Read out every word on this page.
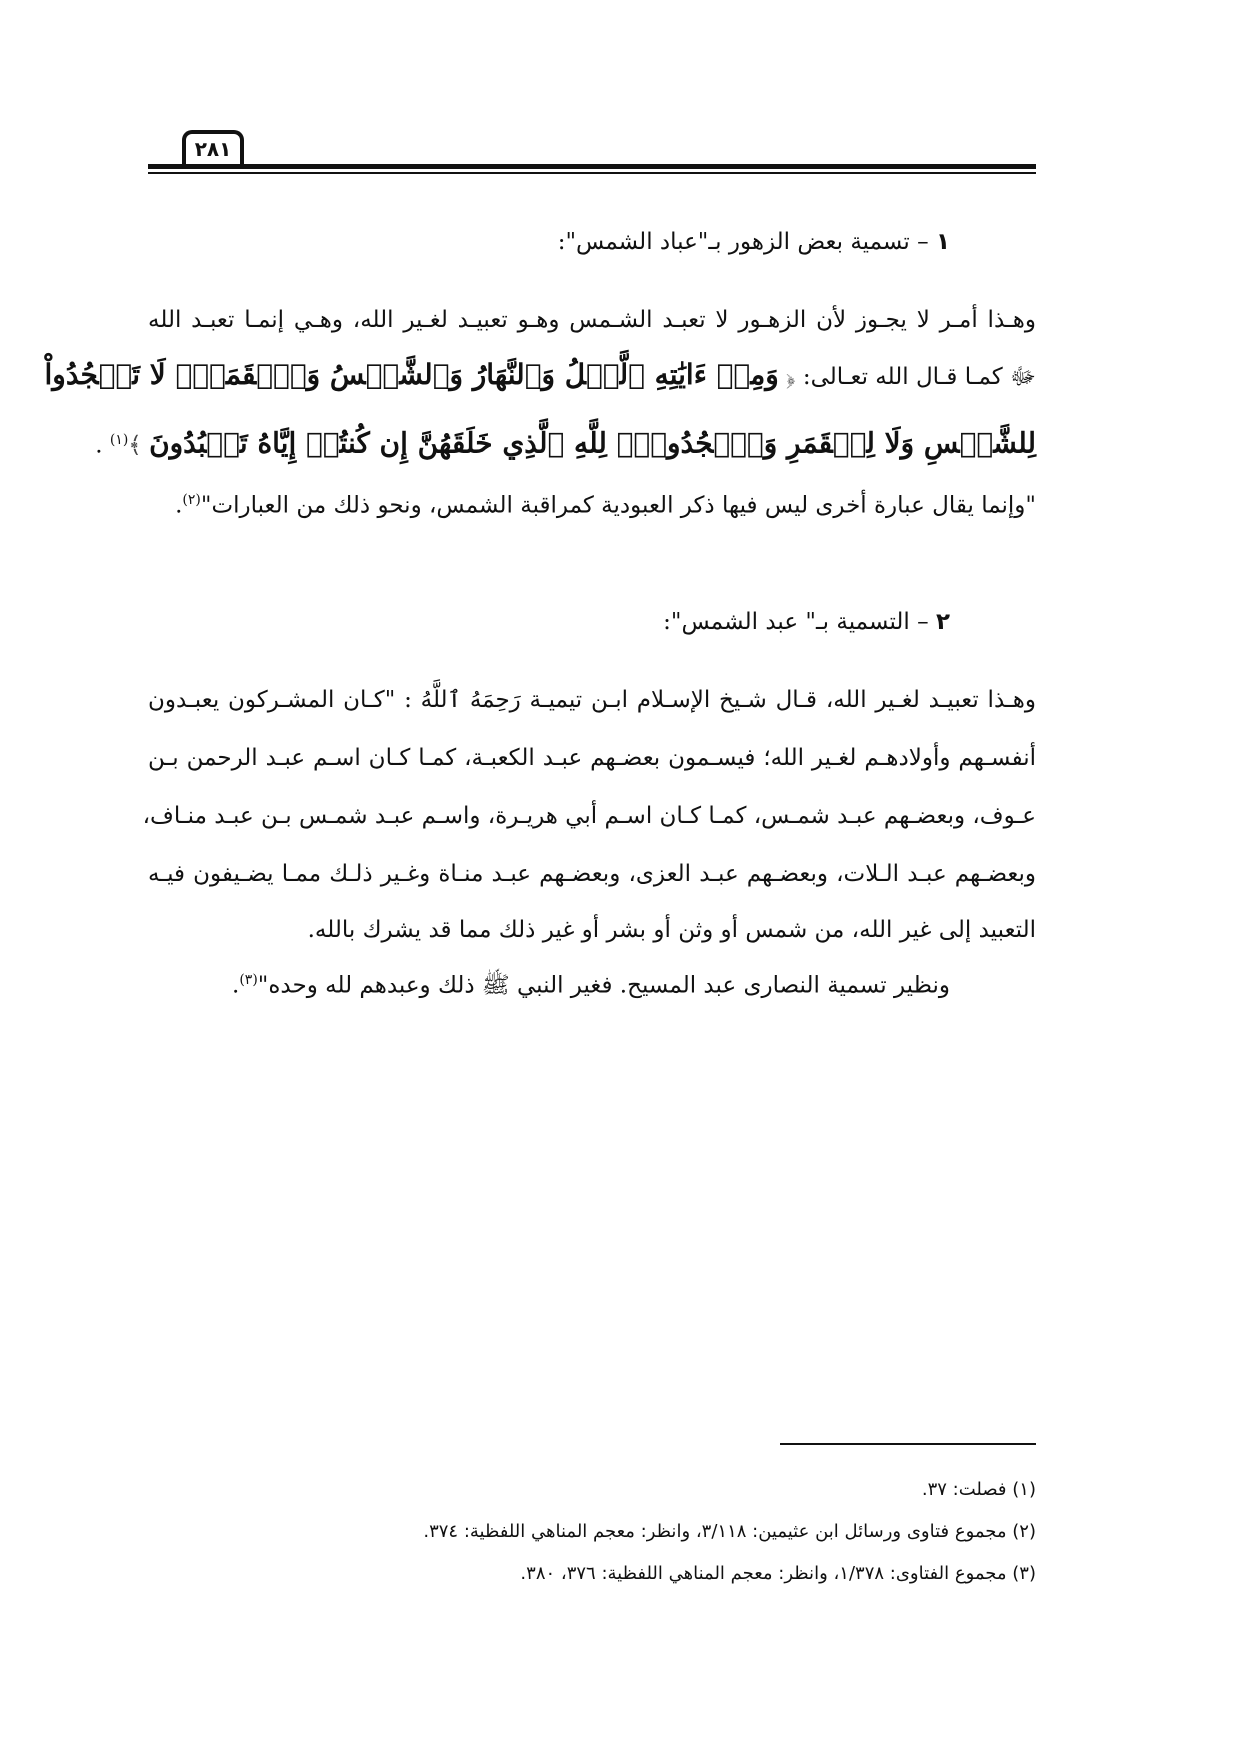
٢٨١
١ – تسمية بعض الزهور بـ"عباد الشمس":
وهـذا أمـر لا يجـوز لأن الزهـور لا تعبـد الشـمس وهـو تعبيـد لغـير الله، وهـي إنمـا تعبـد الله
ﷻ كمـا قـال الله تعـالى: ﴿ وَمِنۡ ءَايَٰتِهِ ٱلَّيۡلُ وَٱلنَّهَارُ وَٱلشَّمۡسُ وَٱلۡقَمَرُۚ لَا تَسۡجُدُواْ
لِلشَّمۡسِ وَلَا لِلۡقَمَرِ وَٱسۡجُدُواْۤ لِلَّهِ ٱلَّذِي خَلَقَهُنَّ إِن كُنتُمۡ إِيَّاهُ تَعۡبُدُونَ ﴾$^{(١)}$ .
"وإنما يقال عبارة أخرى ليس فيها ذكر العبودية كمراقبة الشمس، ونحو ذلك من العبارات"$^{(٢)}$.
٢ – التسمية بـ" عبد الشمس":
وهـذا تعبيـد لغـير الله، قـال شـيخ الإسـلام ابـن تيميـة رَحِمَهُ ٱللَّهُ : "كـان المشـركون يعبـدون
أنفسـهم وأولادهـم لغـير الله؛ فيسـمون بعضـهم عبـد الكعبـة، كمـا كـان اسـم عبـد الرحمن بـن
عـوف، وبعضـهم عبـد شمـس، كمـا كـان اسـم أبي هريـرة، واسـم عبـد شمـس بـن عبـد منـاف،
وبعضـهم عبـد الـلات، وبعضـهم عبـد العزى، وبعضـهم عبـد منـاة وغـير ذلـك ممـا يضـيفون فيـه
التعبيد إلى غير الله، من شمس أو وثن أو بشر أو غير ذلك مما قد يشرك بالله.
ونظير تسمية النصارى عبد المسيح. فغير النبي ﷺ ذلك وعبدهم لله وحده"$^{(٣)}$.
(١) فصلت: ٣٧.
(٢) مجموع فتاوى ورسائل ابن عثيمين: ٣/١١٨، وانظر: معجم المناهي اللفظية: ٣٧٤.
(٣) مجموع الفتاوى: ١/٣٧٨، وانظر: معجم المناهي اللفظية: ٣٧٦، ٣٨٠.
